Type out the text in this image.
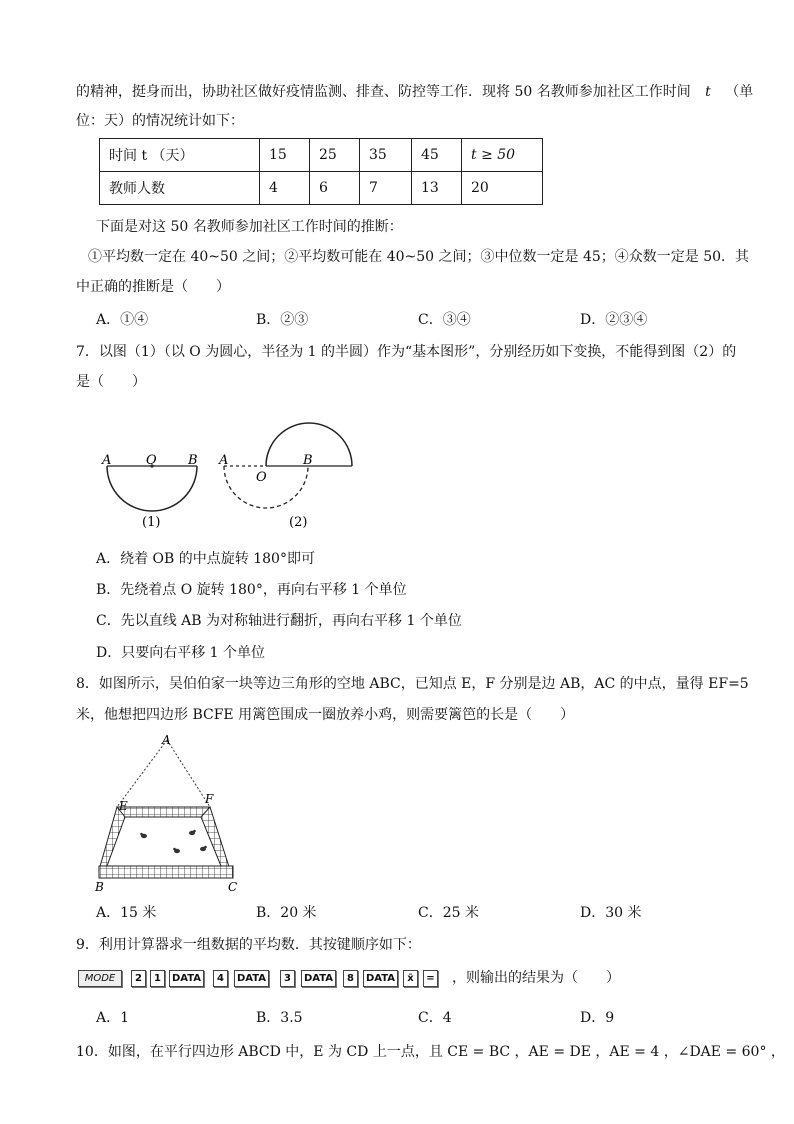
的精神，挺身而出，协助社区做好疫情监测、排查、防控等工作．现将 50 名教师参加社区工作时间 t （单
位：天）的情况统计如下：
时间 t （天）	15	25	35	45	t ≥ 50
教师人数	4	6	7	13	20
下面是对这 50 名教师参加社区工作时间的推断：
①平均数一定在 40~50 之间；②平均数可能在 40~50 之间；③中位数一定是 45；④众数一定是 50．其
中正确的推断是（　　）
A．①④	B．②③	C．③④	D．②③④
7．以图（1）（以 O 为圆心，半径为 1 的半圆）作为“基本图形”，分别经历如下变换，不能得到图（2）的
是（　　）
A	O B
(1)
A
O
B
(2)
A．绕着 OB 的中点旋转 180°即可
B．先绕着点 O 旋转 180°，再向右平移 1 个单位
C．先以直线 AB 为对称轴进行翻折，再向右平移 1 个单位
D．只要向右平移 1 个单位
8．如图所示，吴伯伯家一块等边三角形的空地 ABC，已知点 E，F 分别是边 AB，AC 的中点，量得 EF=5
米，他想把四边形 BCFE 用篱笆围成一圈放养小鸡，则需要篱笆的长是（　　）
A
E	F
B	C
A．15 米	B．20 米	C．25 米	D．30 米
9．利用计算器求一组数据的平均数．其按键顺序如下：
MODE	2	1	DATA	4	DATA	3	DATA	8	DATA	x̄	= ，则输出的结果为（　　）
A．1	B．3.5	C．4	D．9
10．如图，在平行四边形 ABCD 中，E 为 CD 上一点，且 CE = BC ，AE = DE ，AE = 4 ，∠DAE = 60° ，
